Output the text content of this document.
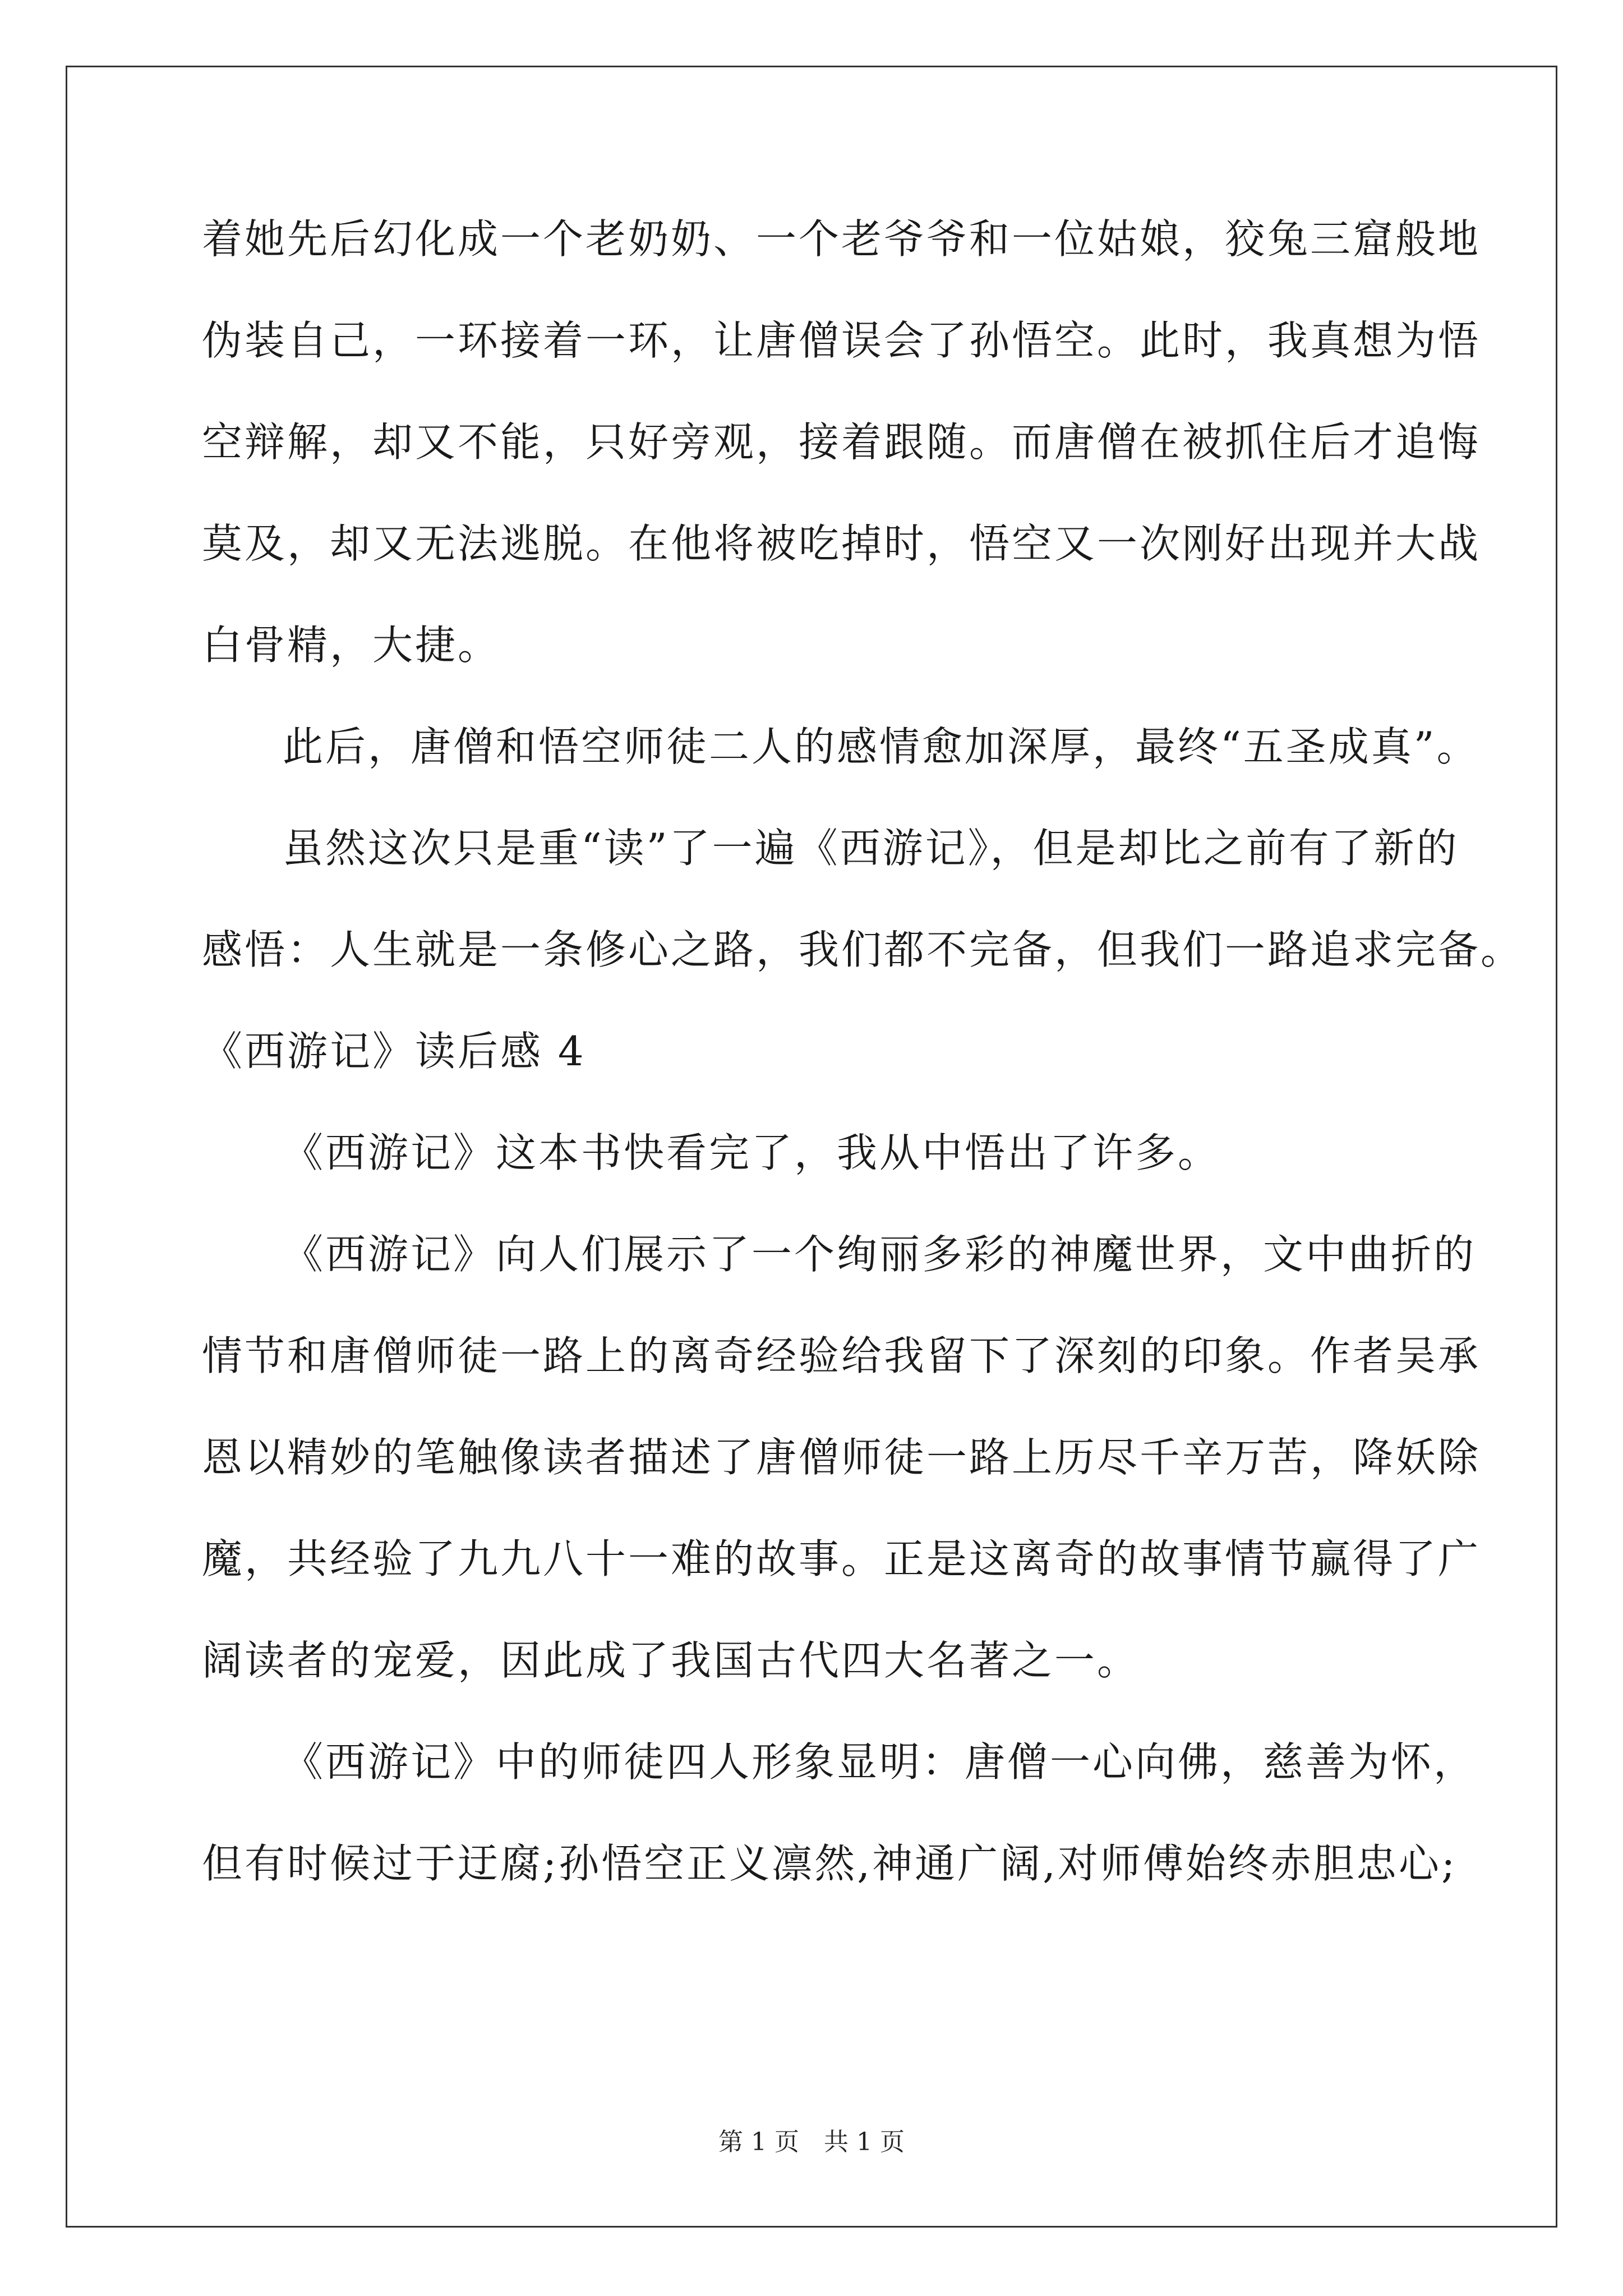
着她先后幻化成一个老奶奶、一个老爷爷和一位姑娘，狡兔三窟般地
伪装自己，一环接着一环，让唐僧误会了孙悟空。此时，我真想为悟
空辩解，却又不能，只好旁观，接着跟随。而唐僧在被抓住后才追悔
莫及，却又无法逃脱。在他将被吃掉时，悟空又一次刚好出现并大战
白骨精，大捷。
此后，唐僧和悟空师徒二人的感情愈加深厚，最终“五圣成真”。
虽然这次只是重“读”了一遍《西游记》，但是却比之前有了新的
感悟：人生就是一条修心之路，我们都不完备，但我们一路追求完备。
《西游记》读后感 4
《西游记》这本书快看完了，我从中悟出了许多。
《西游记》向人们展示了一个绚丽多彩的神魔世界，文中曲折的
情节和唐僧师徒一路上的离奇经验给我留下了深刻的印象。作者吴承
恩以精妙的笔触像读者描述了唐僧师徒一路上历尽千辛万苦，降妖除
魔，共经验了九九八十一难的故事。正是这离奇的故事情节赢得了广
阔读者的宠爱，因此成了我国古代四大名著之一。
《西游记》中的师徒四人形象显明：唐僧一心向佛，慈善为怀，
但有时候过于迂腐;孙悟空正义凛然,神通广阔,对师傅始终赤胆忠心;
第 1 页　共 1 页
